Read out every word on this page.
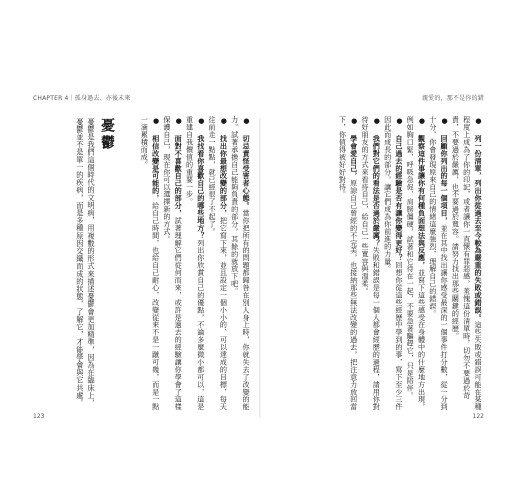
CHAPTER 4｜孤身過去、亦後未來	親愛的，那不是你的錯
● 列一份清單，列出你從過去至今較為嚴重的失敗或錯誤。這些失敗或錯誤可能在某種程度上成為了你的印記，或者讓你一直懷有罪惡感，羞愧這份清單時，切勿不要過於苛責，不要過於嚴厲，也不要過於寬容。請努力找出那些關鍵的經歷。
● 回顧你列出的每一個項目，並在其中找出讓你感受最深的一個事件打分數，從一分到十分，你會發現原來自己的情緒這麼強烈，理解自己的錯誤。
● 觀察這件事讓你有何種負面想法與反應，並寫下這些感受在身體中的什麼地方出現，例如胸口緊、呼吸急促、肩膀僵硬，試著和它待在一起，不要急著驅趕它，只是陪伴。
● 自己過去的經驗是否有讓你變得更好？回想你從這些經歷中學到的事，寫下至少三件因此而成長的部分，讓它們成為你前進的力量。
● 我們對它們的看法是否過於嚴厲？失敗和錯誤是每一個人都會經歷的過程，請用你對待好朋友的方式來看待自己，給自己一些寬容與溫柔。
● 學會愛自己，原諒自己曾經的不完美，也接納那些無法改變的過去，把注意力放回當下，你值得被好好對待。
● 切忌責怪受害者心態。當你把所有的問題都歸咎在別人身上時，你就失去了改變的能力。試著承擔自己能夠負責的部分，其餘的就放下吧。
● 找出你最想改變的部分，把它寫下來，並且設定一個小小的、可以達成的目標，每天往前走一點點，就已經很了不起了。
● 我找看你喜歡自己的哪些地方？列出你欣賞自己的優點，不論多麼微小都可以，這是重建自我價值的重要一步。
● 面對不喜歡自己的部分，試著理解它們從何而來，或許是過去的經驗讓你學會了這樣保護自己，現在你可以選擇新的方式。
● 相信改變是可能的，給自己時間，也給自己耐心，改變從來不是一蹴可幾，而是一點一滴累積而成。
憂鬱
憂鬱是我們這個時代的文明病，用複數的形式來描述憂鬱會更加精準，因為在臨床上，憂鬱並不是單一的疾病，而是多種原因交織而成的狀態，了解它，才能學會與它共處。
123	122
